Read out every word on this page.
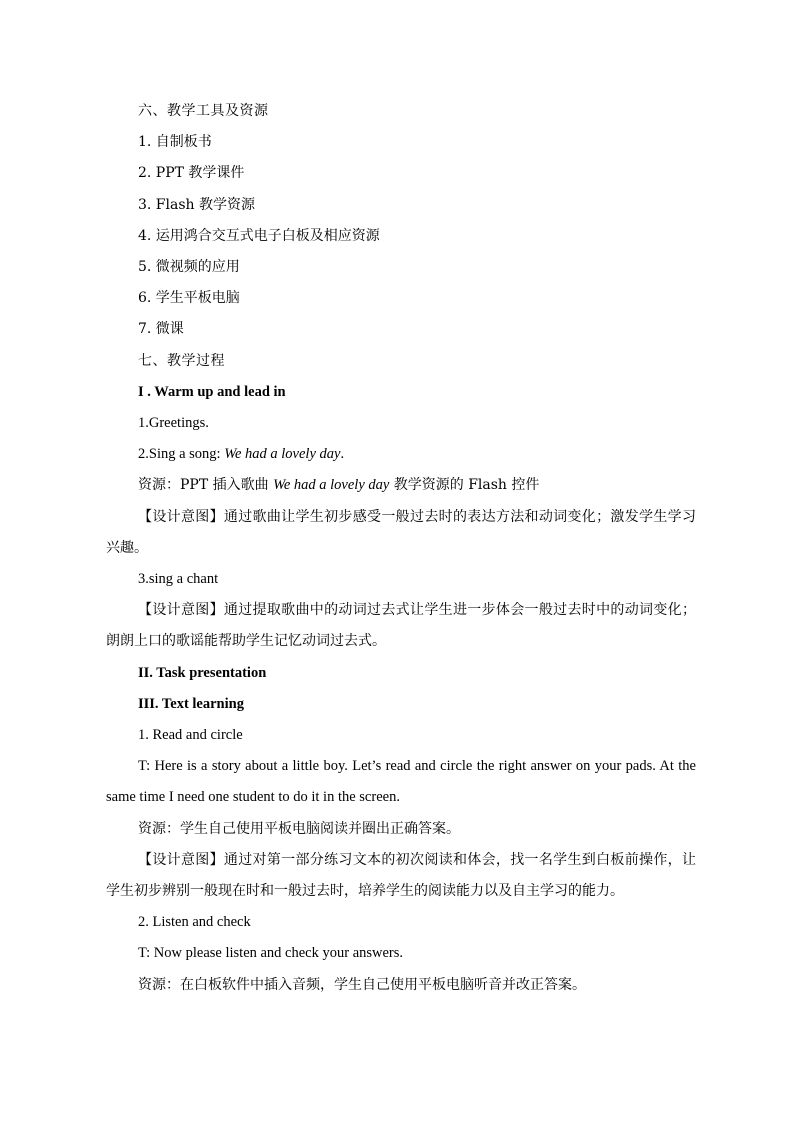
六、教学工具及资源
1. 自制板书
2. PPT 教学课件
3. Flash 教学资源
4. 运用鸿合交互式电子白板及相应资源
5. 微视频的应用
6. 学生平板电脑
7. 微课
七、教学过程
I . Warm up and lead in
1.Greetings.
2.Sing a song: We had a lovely day.
资源：PPT 插入歌曲 We had a lovely day 教学资源的 Flash 控件
【设计意图】通过歌曲让学生初步感受一般过去时的表达方法和动词变化；激发学生学习兴趣。
3.sing a chant
【设计意图】通过提取歌曲中的动词过去式让学生进一步体会一般过去时中的动词变化；朗朗上口的歌谣能帮助学生记忆动词过去式。
II. Task presentation
III. Text learning
1. Read and circle
T: Here is a story about a little boy. Let’s read and circle the right answer on your pads. At the same time I need one student to do it in the screen.
资源：学生自己使用平板电脑阅读并圈出正确答案。
【设计意图】通过对第一部分练习文本的初次阅读和体会，找一名学生到白板前操作，让学生初步辨别一般现在时和一般过去时，培养学生的阅读能力以及自主学习的能力。
2. Listen and check
T: Now please listen and check your answers.
资源：在白板软件中插入音频，学生自己使用平板电脑听音并改正答案。
